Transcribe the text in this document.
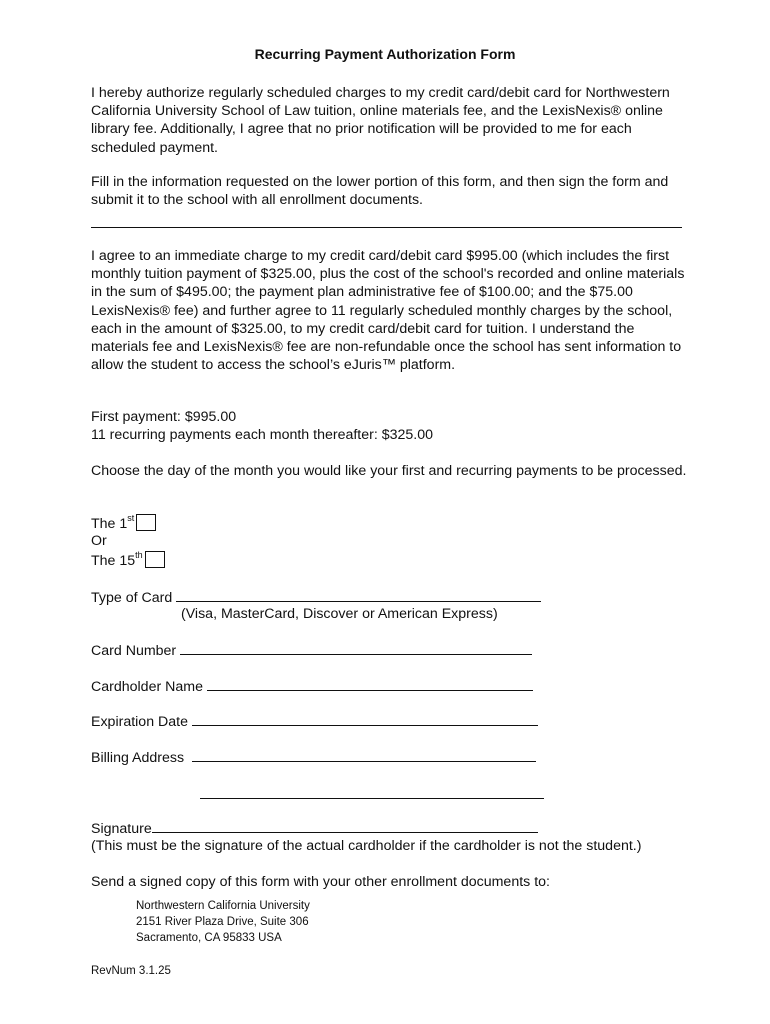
Recurring Payment Authorization Form
I hereby authorize regularly scheduled charges to my credit card/debit card for Northwestern California University School of Law tuition, online materials fee, and the LexisNexis® online library fee. Additionally, I agree that no prior notification will be provided to me for each scheduled payment.
Fill in the information requested on the lower portion of this form, and then sign the form and submit it to the school with all enrollment documents.
I agree to an immediate charge to my credit card/debit card $995.00 (which includes the first monthly tuition payment of $325.00, plus the cost of the school's recorded and online materials in the sum of $495.00; the payment plan administrative fee of $100.00; and the $75.00 LexisNexis® fee) and further agree to 11 regularly scheduled monthly charges by the school, each in the amount of $325.00, to my credit card/debit card for tuition. I understand the materials fee and LexisNexis® fee are non-refundable once the school has sent information to allow the student to access the school’s eJuris™ platform.
First payment: $995.00
11 recurring payments each month thereafter: $325.00
Choose the day of the month you would like your first and recurring payments to be processed.
The 1st
Or
The 15th
Type of Card
(Visa, MasterCard, Discover or American Express)
Card Number
Cardholder Name
Expiration Date
Billing Address
Signature
(This must be the signature of the actual cardholder if the cardholder is not the student.)
Send a signed copy of this form with your other enrollment documents to:
Northwestern California University
2151 River Plaza Drive, Suite 306
Sacramento, CA 95833 USA
RevNum 3.1.25
